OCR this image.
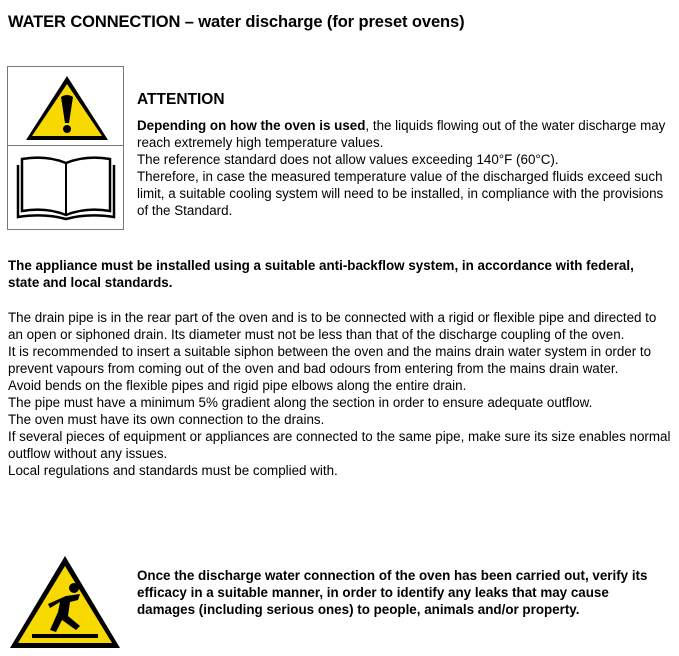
WATER CONNECTION – water discharge (for preset ovens)
ATTENTION

Depending on how the oven is used, the liquids flowing out of the water discharge may reach extremely high temperature values.

The reference standard does not allow values exceeding 140°F (60°C).

Therefore, in case the measured temperature value of the discharged fluids exceed such limit, a suitable cooling system will need to be installed, in compliance with the provisions of the Standard.

The appliance must be installed using a suitable anti-backflow system, in accordance with federal, state and local standards.

The drain pipe is in the rear part of the oven and is to be connected with a rigid or flexible pipe and directed to an open or siphoned drain. Its diameter must not be less than that of the discharge coupling of the oven.

It is recommended to insert a suitable siphon between the oven and the mains drain water system in order to prevent vapours from coming out of the oven and bad odours from entering from the mains drain water.

Avoid bends on the flexible pipes and rigid pipe elbows along the entire drain.

The pipe must have a minimum 5% gradient along the section in order to ensure adequate outflow.

The oven must have its own connection to the drains.

If several pieces of equipment or appliances are connected to the same pipe, make sure its size enables normal outflow without any issues.

Local regulations and standards must be complied with.

Once the discharge water connection of the oven has been carried out, verify its efficacy in a suitable manner, in order to identify any leaks that may cause damages (including serious ones) to people, animals and/or property.
